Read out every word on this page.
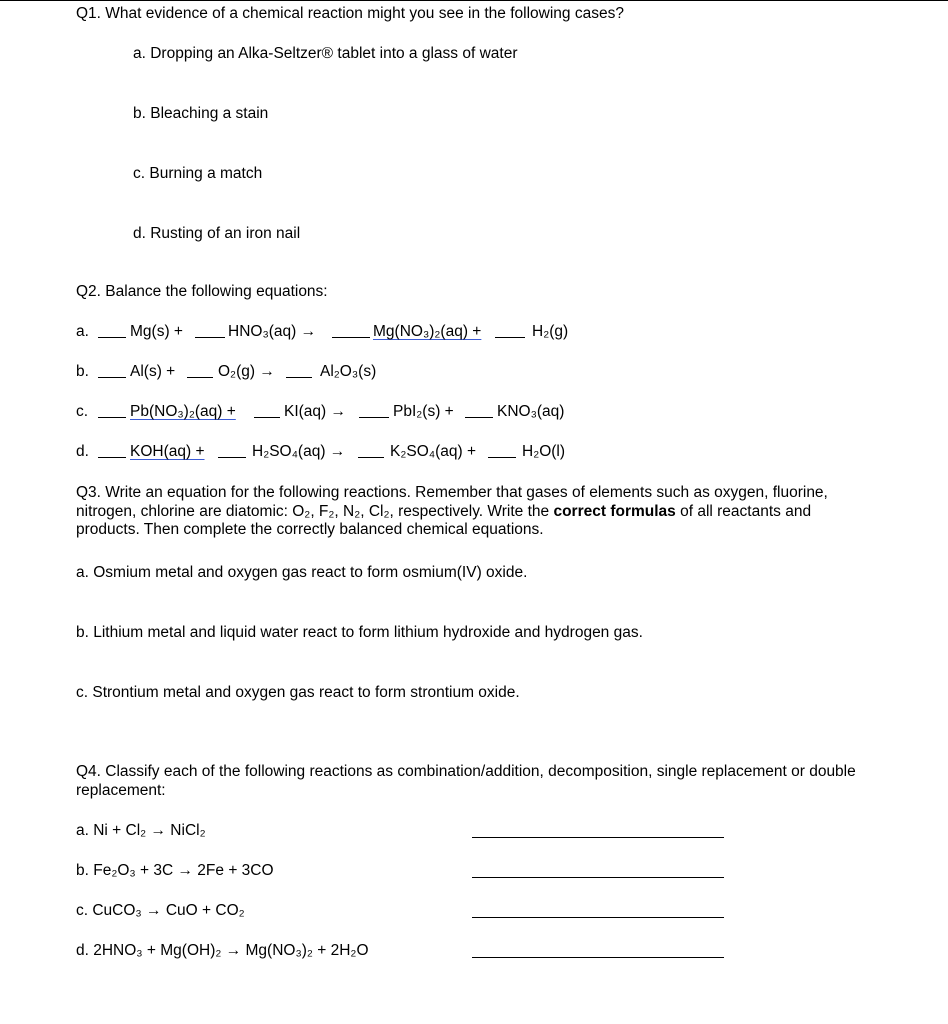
Q1. What evidence of a chemical reaction might you see in the following cases?
a. Dropping an Alka-Seltzer® tablet into a glass of water
b. Bleaching a stain
c. Burning a match
d. Rusting of an iron nail
Q2. Balance the following equations:
a.	Mg(s) +	HNO₃(aq) →	Mg(NO₃)₂(aq) +	H₂(g)
b.	Al(s) +	O₂(g) →	Al₂O₃(s)
c.	Pb(NO₃)₂(aq) +	KI(aq) →	PbI₂(s) +	KNO₃(aq)
d.	KOH(aq) +	H₂SO₄(aq) →	K₂SO₄(aq) +	H₂O(l)
Q3. Write an equation for the following reactions. Remember that gases of elements such as oxygen, fluorine, nitrogen, chlorine are diatomic: O₂, F₂, N₂, Cl₂, respectively. Write the correct formulas of all reactants and products. Then complete the correctly balanced chemical equations.
a. Osmium metal and oxygen gas react to form osmium(IV) oxide.
b. Lithium metal and liquid water react to form lithium hydroxide and hydrogen gas.
c. Strontium metal and oxygen gas react to form strontium oxide.
Q4. Classify each of the following reactions as combination/addition, decomposition, single replacement or double replacement:
a. Ni + Cl₂ → NiCl₂
b. Fe₂O₃ + 3C → 2Fe + 3CO
c. CuCO₃ → CuO + CO₂
d. 2HNO₃ + Mg(OH)₂ → Mg(NO₃)₂ + 2H₂O
